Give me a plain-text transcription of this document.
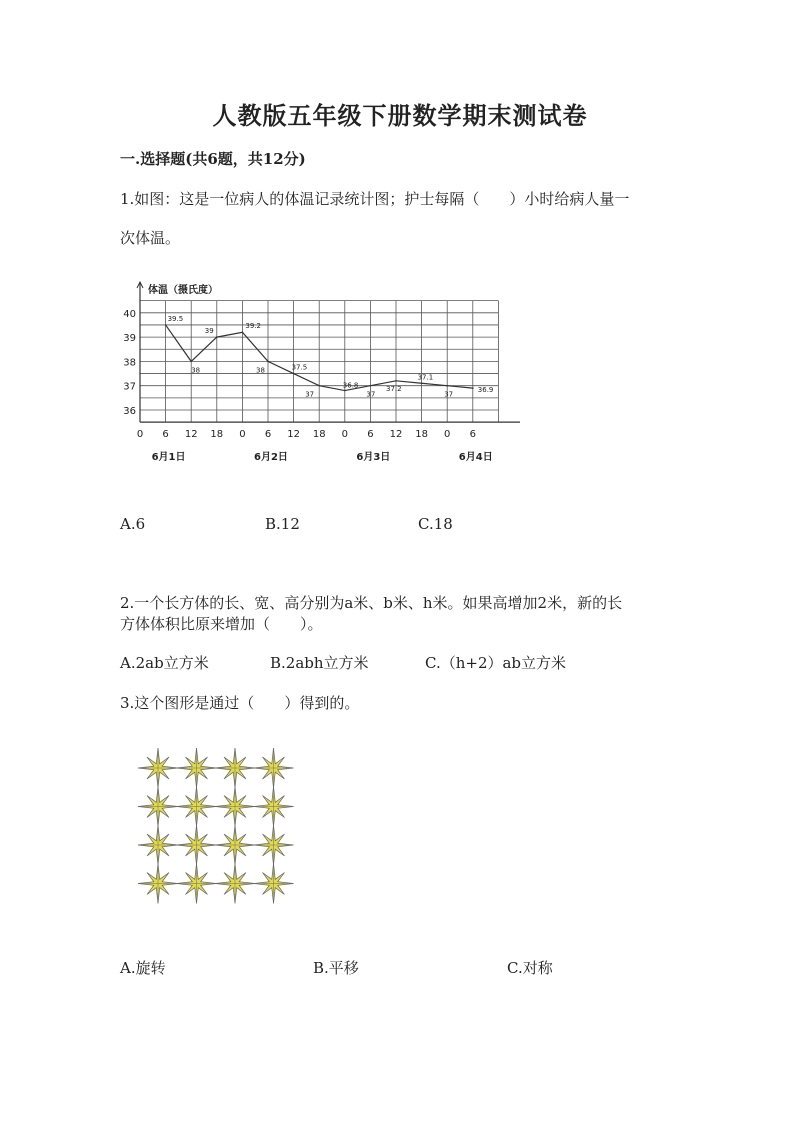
人教版五年级下册数学期末测试卷
一.选择题(共6题，共12分)
1.如图：这是一位病人的体温记录统计图；护士每隔（　　）小时给病人量一
次体温。
体温（摄氏度）
36
37
38
39
40
0 6 12 18 0 6 12 18 0 6 12 18 0 6
6月1日	6月2日	6月3日	6月4日
39.5
38
39
39.2
38	37.5
37
36.8
37
37.2
37.1
37
36.9
A.6	B.12	C.18
2.一个长方体的长、宽、高分别为a米、b米、h米。如果高增加2米，新的长
方体体积比原来增加（　　）。
A.2ab立方米	B.2abh立方米	C.（h+2）ab立方米
3.这个图形是通过（　　）得到的。
A.旋转	B.平移	C.对称
